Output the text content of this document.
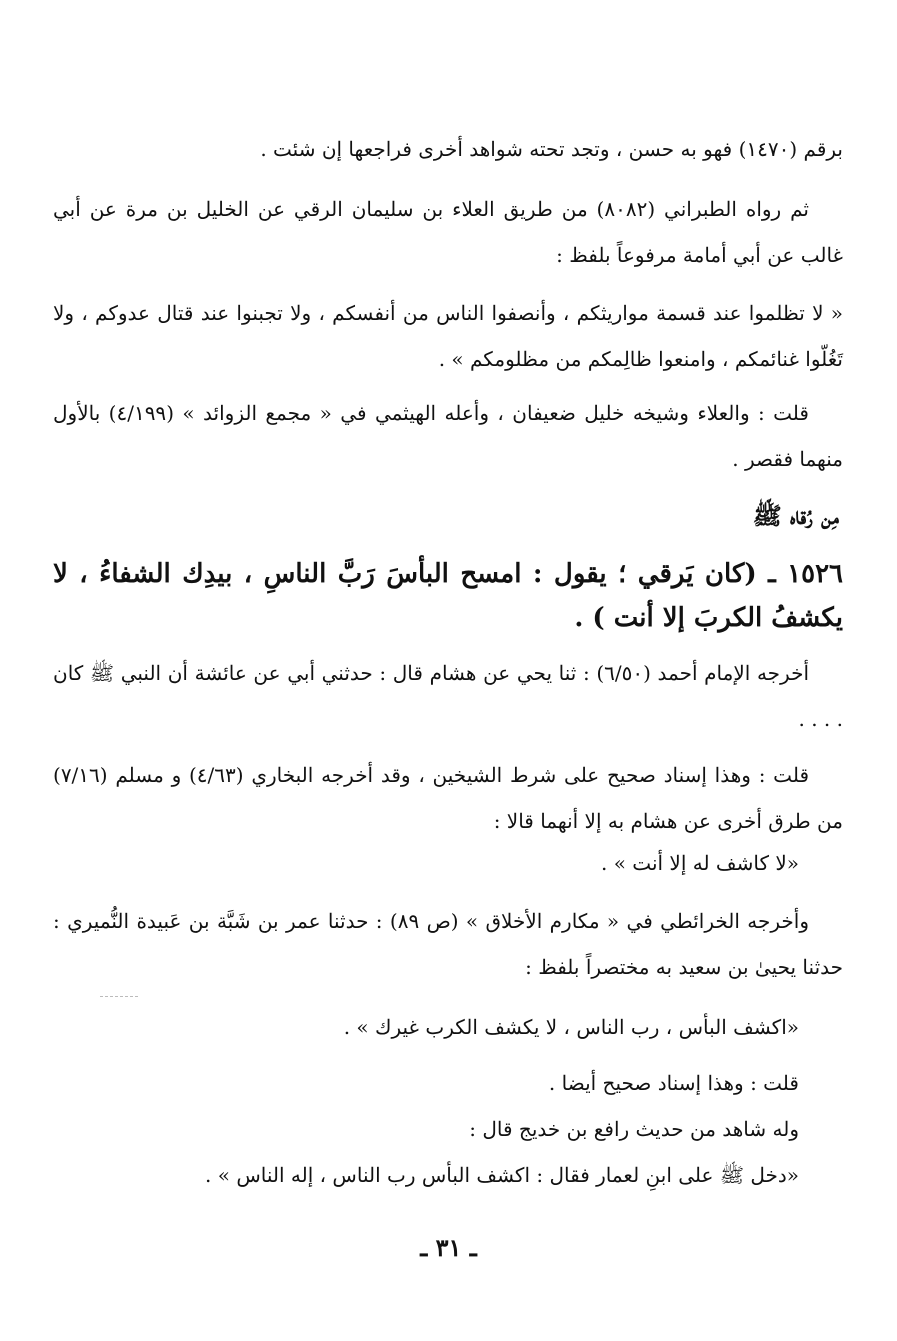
برقم (١٤٧٠) فهو به حسن ، وتجد تحته شواهد أخرى فراجعها إن شئت .

ثم رواه الطبراني (٨٠٨٢) من طريق العلاء بن سليمان الرقي عن الخليل بن مرة عن أبي غالب عن أبي أمامة مرفوعاً بلفظ :

« لا تظلموا عند قسمة مواريثكم ، وأنصفوا الناس من أنفسكم ، ولا تجبنوا عند قتال عدوكم ، ولا تَغُلّوا غنائمكم ، وامنعوا ظالِمكم من مظلومكم » .

قلت : والعلاء وشيخه خليل ضعيفان ، وأعله الهيثمي في « مجمع الزوائد » (٤/١٩٩) بالأول منهما فقصر .

مِن رُقاه ﷺ

١٥٢٦ ـ (كان يَرقي ؛ يقول : امسح البأسَ رَبَّ الناسِ ، بيدِك الشفاءُ ، لا يكشفُ الكربَ إلا أنت ) .

أخرجه الإمام أحمد (٦/٥٠) : ثنا يحي عن هشام قال : حدثني أبي عن عائشة أن النبي ﷺ كان . . . .

قلت : وهذا إسناد صحيح على شرط الشيخين ، وقد أخرجه البخاري (٤/٦٣) و مسلم (٧/١٦) من طرق أخرى عن هشام به إلا أنهما قالا :

«لا كاشف له إلا أنت » .

وأخرجه الخرائطي في « مكارم الأخلاق » (ص ٨٩) : حدثنا عمر بن شَبَّة بن عَبيدة النُّميري : حدثنا يحيىٰ بن سعيد به مختصراً بلفظ :

«اكشف البأس ، رب الناس ، لا يكشف الكرب غيرك » .

قلت : وهذا إسناد صحيح أيضا .

وله شاهد من حديث رافع بن خديج قال :

«دخل ﷺ على ابنِ لعمار فقال : اكشف البأس رب الناس ، إله الناس » .

ـ ٣١ ـ
